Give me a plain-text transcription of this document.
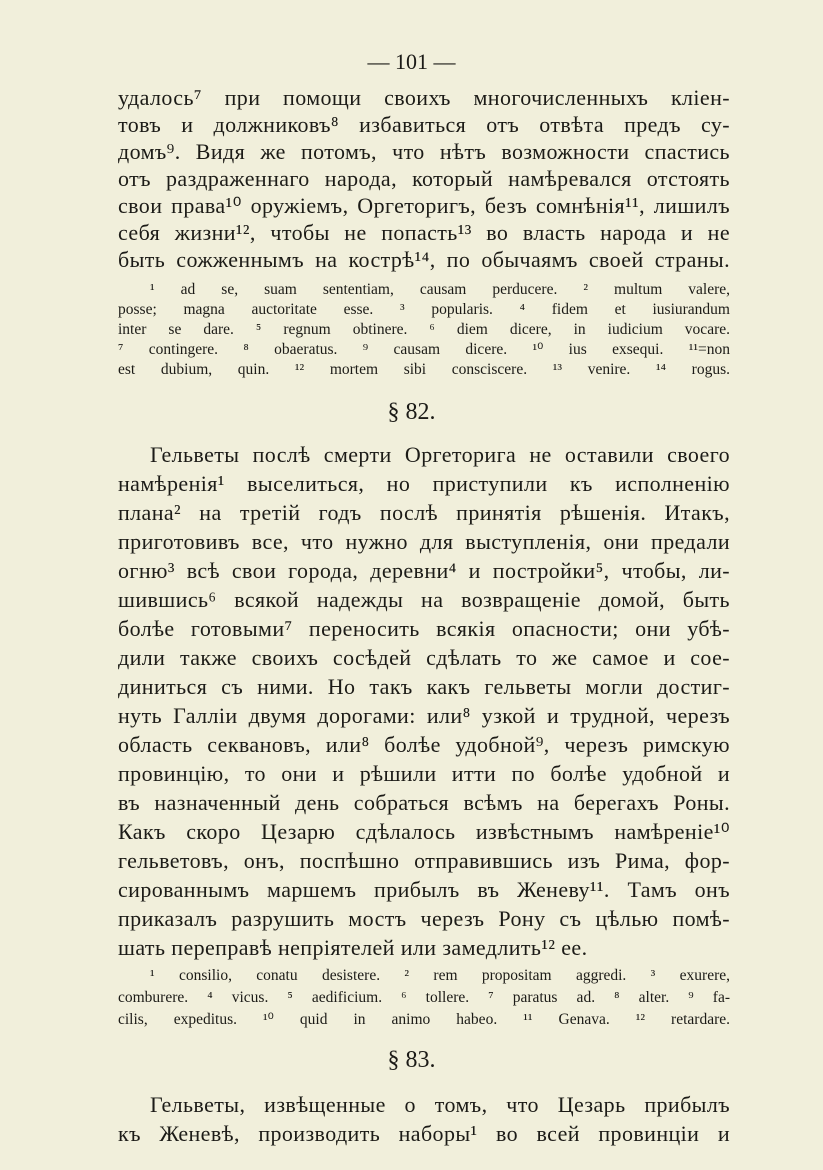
— 101 —
удалось⁷ при помощи своихъ многочисленныхъ кліен-
товъ и должниковъ⁸ избавиться отъ отвѣта предъ су-
домъ⁹. Видя же потомъ, что нѣтъ возможности спастись
отъ раздраженнаго народа, который намѣревался отстоять
свои права¹⁰ оружіемъ, Оргеторигъ, безъ сомнѣнія¹¹, лишилъ
себя жизни¹², чтобы не попасть¹³ во власть народа и не
быть сожженнымъ на кострѣ¹⁴, по обычаямъ своей страны.
¹ ad se, suam sententiam, causam perducere. ² multum valere,
posse; magna auctoritate esse. ³ popularis. ⁴ fidem et iusiurandum
inter se dare. ⁵ regnum obtinere. ⁶ diem dicere, in iudicium vocare.
⁷ contingere. ⁸ obaeratus. ⁹ causam dicere. ¹⁰ ius exsequi. ¹¹=non
est dubium, quin. ¹² mortem sibi consciscere. ¹³ venire. ¹⁴ rogus.
§ 82.
Гельветы послѣ смерти Оргеторига не оставили своего
намѣренія¹ выселиться, но приступили къ исполненію
плана² на третій годъ послѣ принятія рѣшенія. Итакъ,
приготовивъ все, что нужно для выступленія, они предали
огню³ всѣ свои города, деревни⁴ и постройки⁵, чтобы, ли-
шившись⁶ всякой надежды на возвращеніе домой, быть
болѣе готовыми⁷ переносить всякія опасности; они убѣ-
дили также своихъ сосѣдей сдѣлать то же самое и сое-
диниться съ ними. Но такъ какъ гельветы могли достиг-
нуть Галліи двумя дорогами: или⁸ узкой и трудной, черезъ
область секвановъ, или⁸ болѣе удобной⁹, черезъ римскую
провинцію, то они и рѣшили итти по болѣе удобной и
въ назначенный день собраться всѣмъ на берегахъ Роны.
Какъ скоро Цезарю сдѣлалось извѣстнымъ намѣреніе¹⁰
гельветовъ, онъ, поспѣшно отправившись изъ Рима, фор-
сированнымъ маршемъ прибылъ въ Женеву¹¹. Тамъ онъ
приказалъ разрушить мостъ черезъ Рону съ цѣлью помѣ-
шать переправѣ непріятелей или замедлить¹² ее.
¹ consilio, conatu desistere. ² rem propositam aggredi. ³ exurere,
comburere. ⁴ vicus. ⁵ aedificium. ⁶ tollere. ⁷ paratus ad. ⁸ alter. ⁹ fa-
cilis, expeditus. ¹⁰ quid in animo habeo. ¹¹ Genava. ¹² retardare.
§ 83.
Гельветы, извѣщенные о томъ, что Цезарь прибылъ
къ Женевѣ, производить наборы¹ во всей провинціи и
